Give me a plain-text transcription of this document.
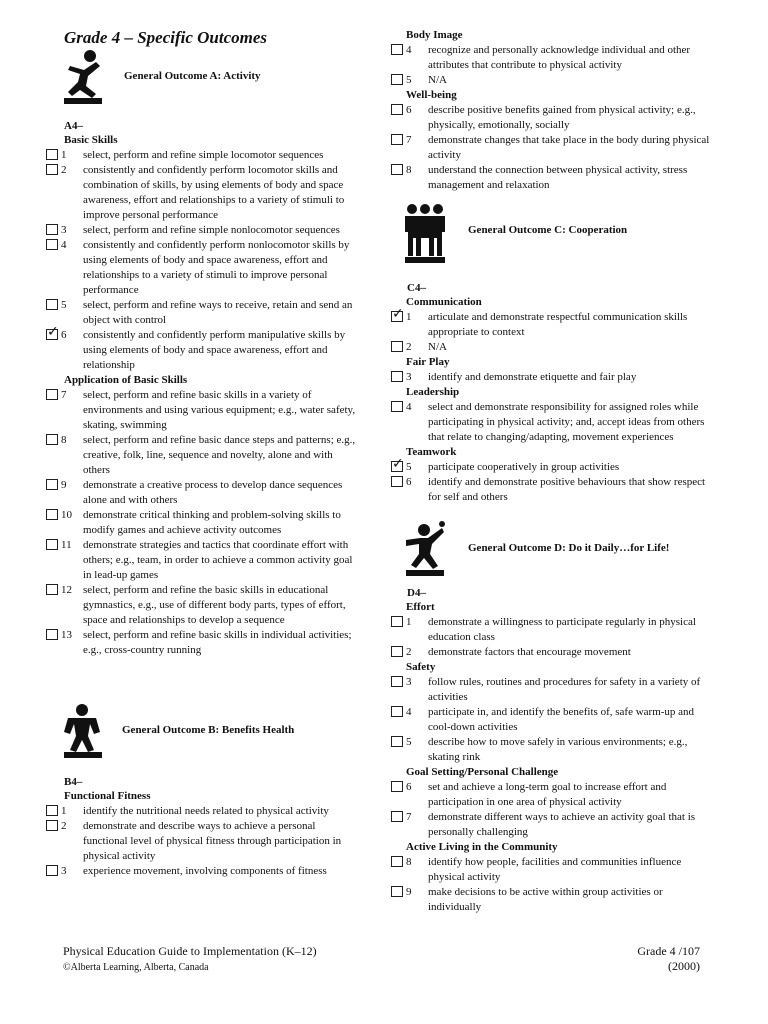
Grade 4 – Specific Outcomes
General Outcome A: Activity
A4–
Basic Skills
1	select, perform and refine simple locomotor sequences
2	consistently and confidently perform locomotor skills and combination of skills, by using elements of body and space awareness, effort and relationships to a variety of stimuli to improve personal performance
3	select, perform and refine simple nonlocomotor sequences
4	consistently and confidently perform nonlocomotor skills by using elements of body and space awareness, effort and relationships to a variety of stimuli to improve personal performance
5	select, perform and refine ways to receive, retain and send an object with control
✓
6	consistently and confidently perform manipulative skills by using elements of body and space awareness, effort and relationship
Application of Basic Skills
7	select, perform and refine basic skills in a variety of environments and using various equipment; e.g., water safety, skating, swimming
8	select, perform and refine basic dance steps and patterns; e.g., creative, folk, line, sequence and novelty, alone and with others
9	demonstrate a creative process to develop dance sequences alone and with others
10	demonstrate critical thinking and problem-solving skills to modify games and achieve activity outcomes
11	demonstrate strategies and tactics that coordinate effort with others; e.g., team, in order to achieve a common activity goal in lead-up games
12	select, perform and refine the basic skills in educational gymnastics, e.g., use of different body parts, types of effort, space and relationships to develop a sequence
13	select, perform and refine basic skills in individual activities; e.g., cross-country running
General Outcome B: Benefits Health
B4–
Functional Fitness
1	identify the nutritional needs related to physical activity
2	demonstrate and describe ways to achieve a personal functional level of physical fitness through participation in physical activity
3	experience movement, involving components of fitness
Body Image
4	recognize and personally acknowledge individual and other attributes that contribute to physical activity
5	N/A
Well-being
6	describe positive benefits gained from physical activity; e.g., physically, emotionally, socially
7	demonstrate changes that take place in the body during physical activity
8	understand the connection between physical activity, stress management and relaxation
General Outcome C: Cooperation
C4–
Communication
✓
1	articulate and demonstrate respectful communication skills appropriate to context
2	N/A
Fair Play
3	identify and demonstrate etiquette and fair play
Leadership
4	select and demonstrate responsibility for assigned roles while participating in physical activity; and, accept ideas from others that relate to changing/adapting, movement experiences
Teamwork
✓
5	participate cooperatively in group activities
6	identify and demonstrate positive behaviours that show respect for self and others
General Outcome D: Do it Daily…for Life!
D4–
Effort
1	demonstrate a willingness to participate regularly in physical education class
2	demonstrate factors that encourage movement
Safety
3	follow rules, routines and procedures for safety in a variety of activities
4	participate in, and identify the benefits of, safe warm-up and cool-down activities
5	describe how to move safely in various environments; e.g., skating rink
Goal Setting/Personal Challenge
6	set and achieve a long-term goal to increase effort and participation in one area of physical activity
7	demonstrate different ways to achieve an activity goal that is personally challenging
Active Living in the Community
8	identify how people, facilities and communities influence physical activity
9	make decisions to be active within group activities or individually
Physical Education Guide to Implementation (K–12)
©Alberta Learning, Alberta, Canada
Grade 4 /107
(2000)
